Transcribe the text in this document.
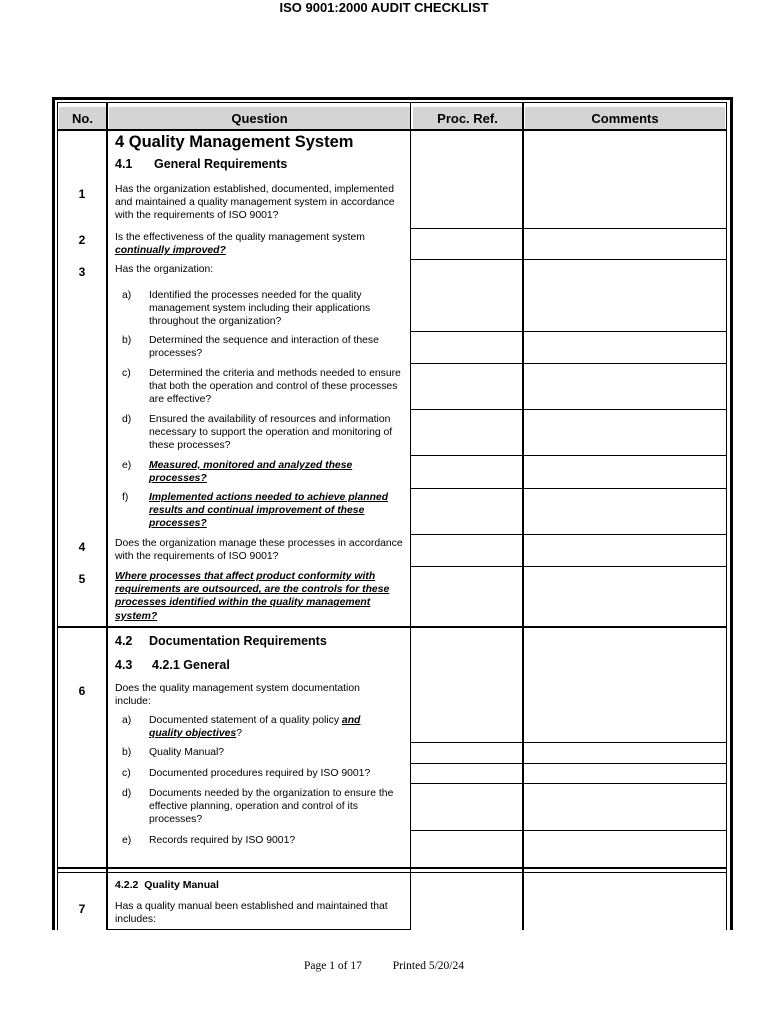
ISO 9001:2000 AUDIT CHECKLIST
No.	Question	Proc. Ref.	Comments
4 Quality Management System
4.1 General Requirements
1	Has the organization established, documented, implemented and maintained a quality management system in accordance with the requirements of ISO 9001?
2	Is the effectiveness of the quality management system
continually improved?
3	Has the organization:
a)	Identified the processes needed for the quality management system including their applications throughout the organization?
b)	Determined the sequence and interaction of these processes?
c)	Determined the criteria and methods needed to ensure that both the operation and control of these processes are effective?
d)	Ensured the availability of resources and information necessary to support the operation and monitoring of these processes?
e)	Measured, monitored and analyzed these processes?
f)	Implemented actions needed to achieve planned results and continual improvement of these processes?
4	Does the organization manage these processes in accordance with the requirements of ISO 9001?
5	Where processes that affect product conformity with requirements are outsourced, are the controls for these processes identified within the quality management system?
4.2 Documentation Requirements
4.3 4.2.1 General
6	Does the quality management system documentation include:
a)	Documented statement of a quality policy and quality objectives?
b)	Quality Manual?
c)	Documented procedures required by ISO 9001?
d)	Documents needed by the organization to ensure the effective planning, operation and control of its processes?
e)	Records required by ISO 9001?
4.2.2  Quality Manual
7	Has a quality manual been established and maintained that includes:
Page 1 of 17	Printed 5/20/24
